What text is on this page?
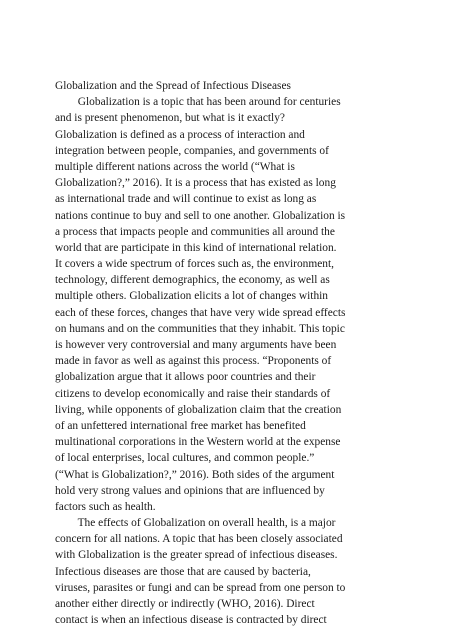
Globalization and the Spread of Infectious Diseases
Globalization is a topic that has been around for centuries
and is present phenomenon, but what is it exactly?
Globalization is defined as a process of interaction and
integration between people, companies, and governments of
multiple different nations across the world (“What is
Globalization?,” 2016). It is a process that has existed as long
as international trade and will continue to exist as long as
nations continue to buy and sell to one another. Globalization is
a process that impacts people and communities all around the
world that are participate in this kind of international relation.
It covers a wide spectrum of forces such as, the environment,
technology, different demographics, the economy, as well as
multiple others. Globalization elicits a lot of changes within
each of these forces, changes that have very wide spread effects
on humans and on the communities that they inhabit. This topic
is however very controversial and many arguments have been
made in favor as well as against this process. “Proponents of
globalization argue that it allows poor countries and their
citizens to develop economically and raise their standards of
living, while opponents of globalization claim that the creation
of an unfettered international free market has benefited
multinational corporations in the Western world at the expense
of local enterprises, local cultures, and common people.”
(“What is Globalization?,” 2016). Both sides of the argument
hold very strong values and opinions that are influenced by
factors such as health.
The effects of Globalization on overall health, is a major
concern for all nations. A topic that has been closely associated
with Globalization is the greater spread of infectious diseases.
Infectious diseases are those that are caused by bacteria,
viruses, parasites or fungi and can be spread from one person to
another either directly or indirectly (WHO, 2016). Direct
contact is when an infectious disease is contracted by direct
